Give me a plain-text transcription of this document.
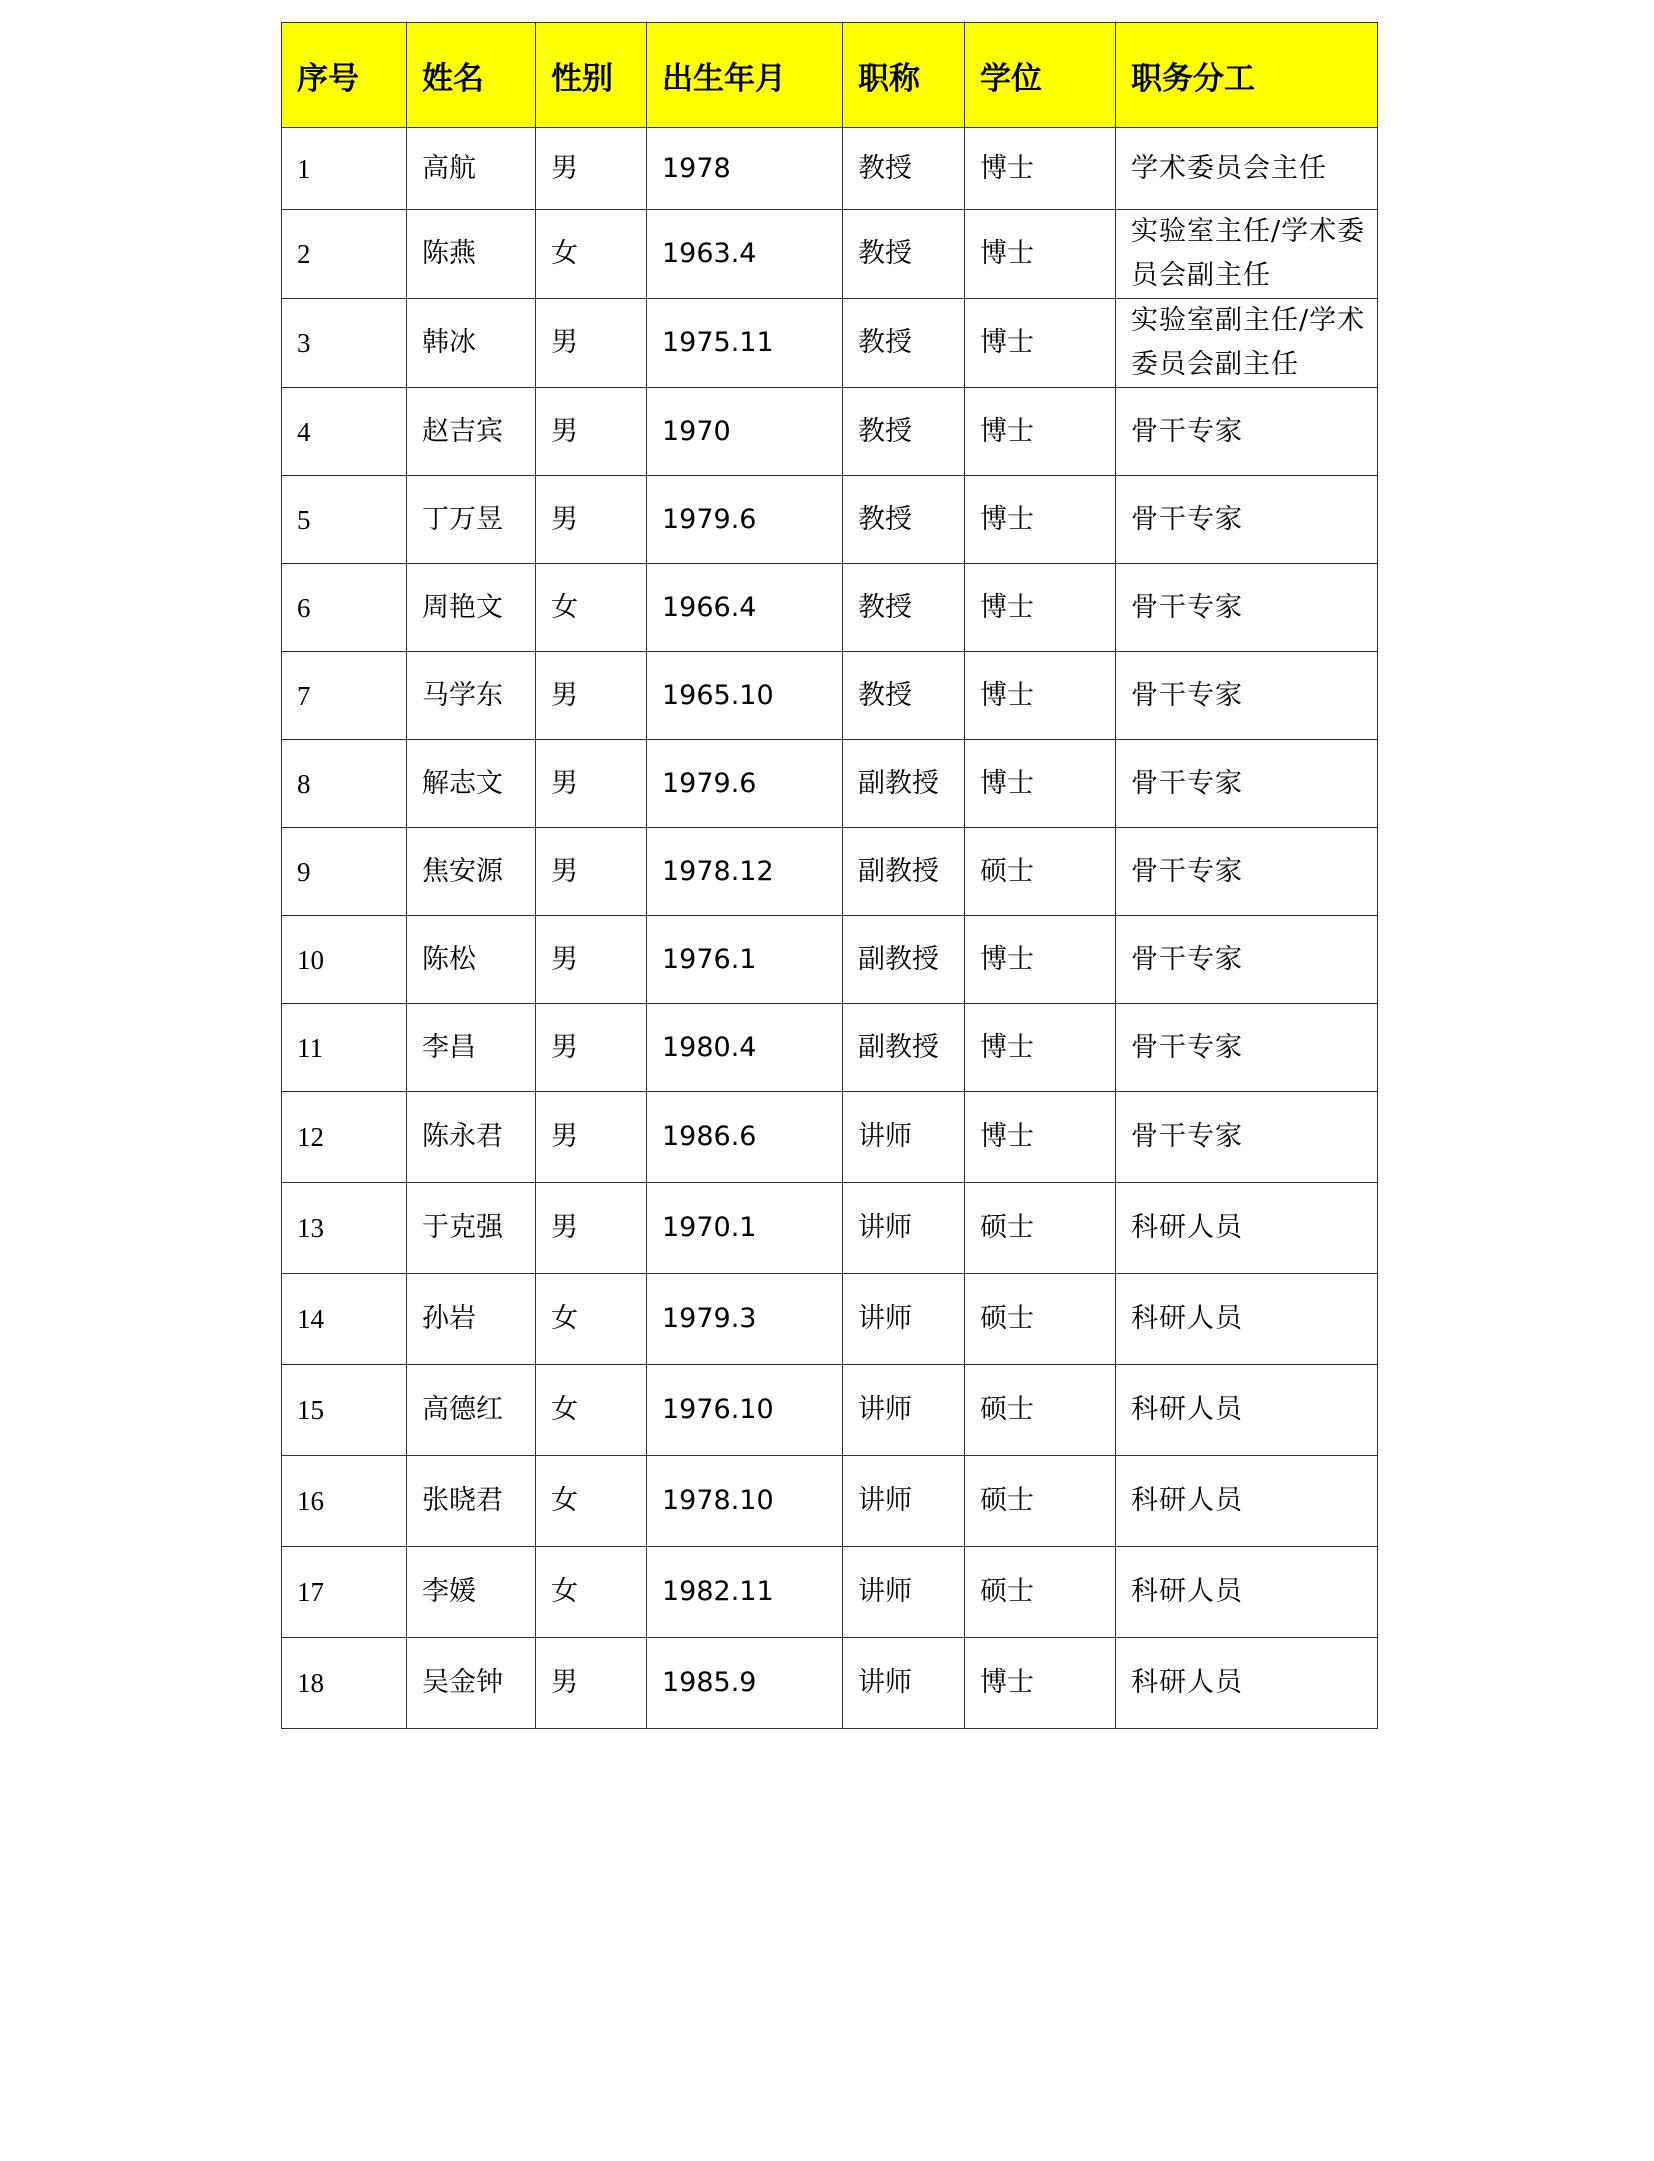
序号	姓名	性别	出生年月	职称	学位	职务分工
1	高航	男	1978	教授	博士	学术委员会主任
2	陈燕	女	1963.4	教授	博士	实验室主任/学术委员会副主任
3	韩冰	男	1975.11	教授	博士	实验室副主任/学术委员会副主任
4	赵吉宾	男	1970	教授	博士	骨干专家
5	丁万昱	男	1979.6	教授	博士	骨干专家
6	周艳文	女	1966.4	教授	博士	骨干专家
7	马学东	男	1965.10	教授	博士	骨干专家
8	解志文	男	1979.6	副教授	博士	骨干专家
9	焦安源	男	1978.12	副教授	硕士	骨干专家
10	陈松	男	1976.1	副教授	博士	骨干专家
11	李昌	男	1980.4	副教授	博士	骨干专家
12	陈永君	男	1986.6	讲师	博士	骨干专家
13	于克强	男	1970.1	讲师	硕士	科研人员
14	孙岩	女	1979.3	讲师	硕士	科研人员
15	高德红	女	1976.10	讲师	硕士	科研人员
16	张晓君	女	1978.10	讲师	硕士	科研人员
17	李媛	女	1982.11	讲师	硕士	科研人员
18	吴金钟	男	1985.9	讲师	博士	科研人员
